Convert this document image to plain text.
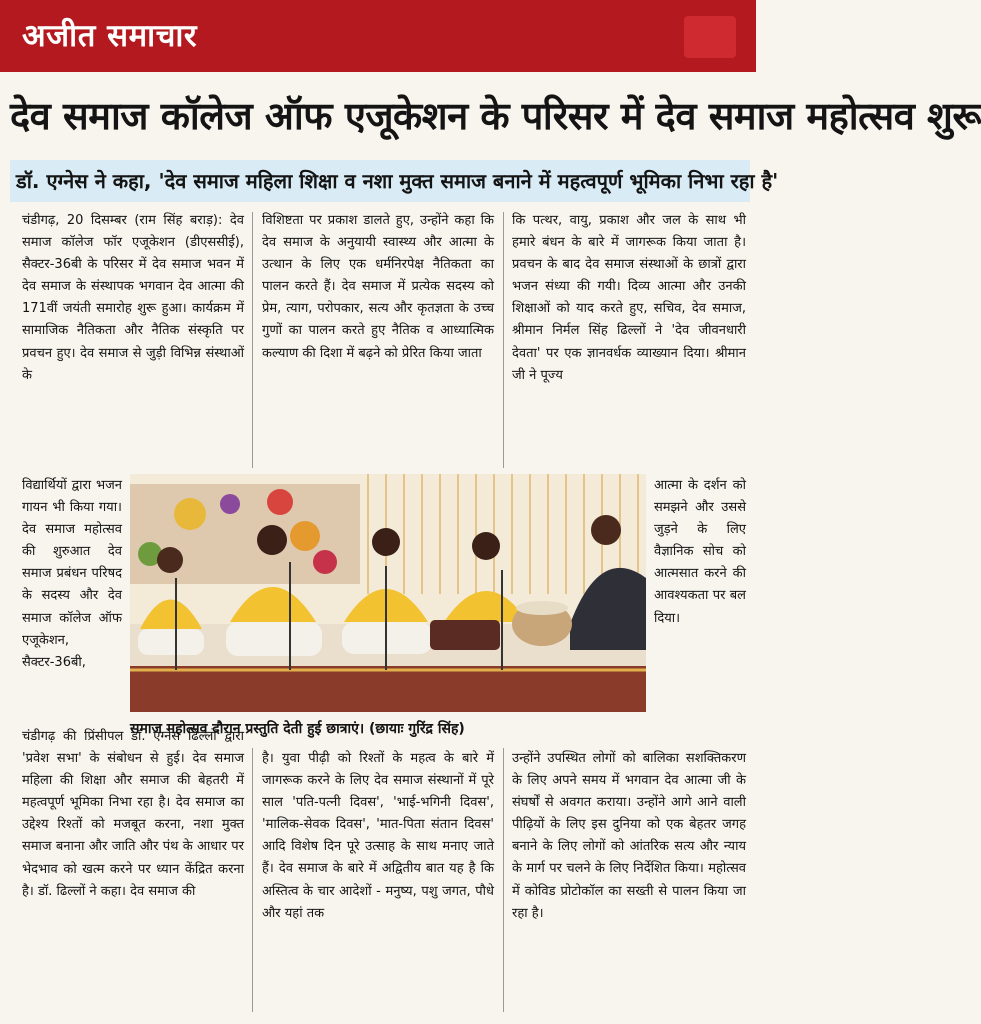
अजीत समाचार
देव समाज कॉलेज ऑफ एजूकेशन के परिसर में देव समाज महोत्सव शुरू
डॉ. एग्नेस ने कहा, 'देव समाज महिला शिक्षा व नशा मुक्त समाज बनाने में महत्वपूर्ण भूमिका निभा रहा है'

चंडीगढ़, 20 दिसम्बर (राम सिंह बराड़): देव समाज कॉलेज फॉर एजूकेशन (डीएससीई), सैक्टर-36बी के परिसर में देव समाज भवन में देव समाज के संस्थापक भगवान देव आत्मा की 171वीं जयंती समारोह शुरू हुआ। कार्यक्रम में सामाजिक नैतिकता और नैतिक संस्कृति पर प्रवचन हुए। देव समाज से जुड़ी विभिन्न संस्थाओं के

विशिष्टता पर प्रकाश डालते हुए, उन्होंने कहा कि देव समाज के अनुयायी स्वास्थ्य और आत्मा के उत्थान के लिए एक धर्मनिरपेक्ष नैतिकता का पालन करते हैं। देव समाज में प्रत्येक सदस्य को प्रेम, त्याग, परोपकार, सत्य और कृतज्ञता के उच्च गुणों का पालन करते हुए नैतिक व आध्यात्मिक कल्याण की दिशा में बढ़ने को प्रेरित किया जाता

कि पत्थर, वायु, प्रकाश और जल के साथ भी हमारे बंधन के बारे में जागरूक किया जाता है। प्रवचन के बाद देव समाज संस्थाओं के छात्रों द्वारा भजन संध्या की गयी। दिव्य आत्मा और उनकी शिक्षाओं को याद करते हुए, सचिव, देव समाज, श्रीमान निर्मल सिंह ढिल्लों ने 'देव जीवनधारी देवता' पर एक ज्ञानवर्धक व्याख्यान दिया। श्रीमान जी ने पूज्य

विद्यार्थियों द्वारा भजन गायन भी किया गया। देव समाज महोत्सव की शुरुआत देव समाज प्रबंधन परिषद के सदस्य और देव समाज कॉलेज ऑफ एजूकेशन, सैक्टर-36बी,

आत्मा के दर्शन को समझने और उससे जुड़ने के लिए वैज्ञानिक सोच को आत्मसात करने की आवश्यकता पर बल दिया।

समाज महोत्सव दौरान प्रस्तुति देती हुई छात्राएं। (छायाः गुरिंद्र सिंह)

चंडीगढ़ की प्रिंसीपल डॉ. एग्नेस ढिल्लों द्वारा 'प्रवेश सभा' के संबोधन से हुई। देव समाज महिला की शिक्षा और समाज की बेहतरी में महत्वपूर्ण भूमिका निभा रहा है। देव समाज का उद्देश्य रिश्तों को मजबूत करना, नशा मुक्त समाज बनाना और जाति और पंथ के आधार पर भेदभाव को खत्म करने पर ध्यान केंद्रित करना है। डॉ. ढिल्लों ने कहा। देव समाज की

है। युवा पीढ़ी को रिश्तों के महत्व के बारे में जागरूक करने के लिए देव समाज संस्थानों में पूरे साल 'पति-पत्नी दिवस', 'भाई-भगिनी दिवस', 'मालिक-सेवक दिवस', 'मात-पिता संतान दिवस' आदि विशेष दिन पूरे उत्साह के साथ मनाए जाते हैं। देव समाज के बारे में अद्वितीय बात यह है कि अस्तित्व के चार आदेशों - मनुष्य, पशु जगत, पौधे और यहां तक

उन्होंने उपस्थित लोगों को बालिका सशक्तिकरण के लिए अपने समय में भगवान देव आत्मा जी के संघर्षों से अवगत कराया। उन्होंने आगे आने वाली पीढ़ियों के लिए इस दुनिया को एक बेहतर जगह बनाने के लिए लोगों को आंतरिक सत्य और न्याय के मार्ग पर चलने के लिए निर्देशित किया। महोत्सव में कोविड प्रोटोकॉल का सख्ती से पालन किया जा रहा है।
